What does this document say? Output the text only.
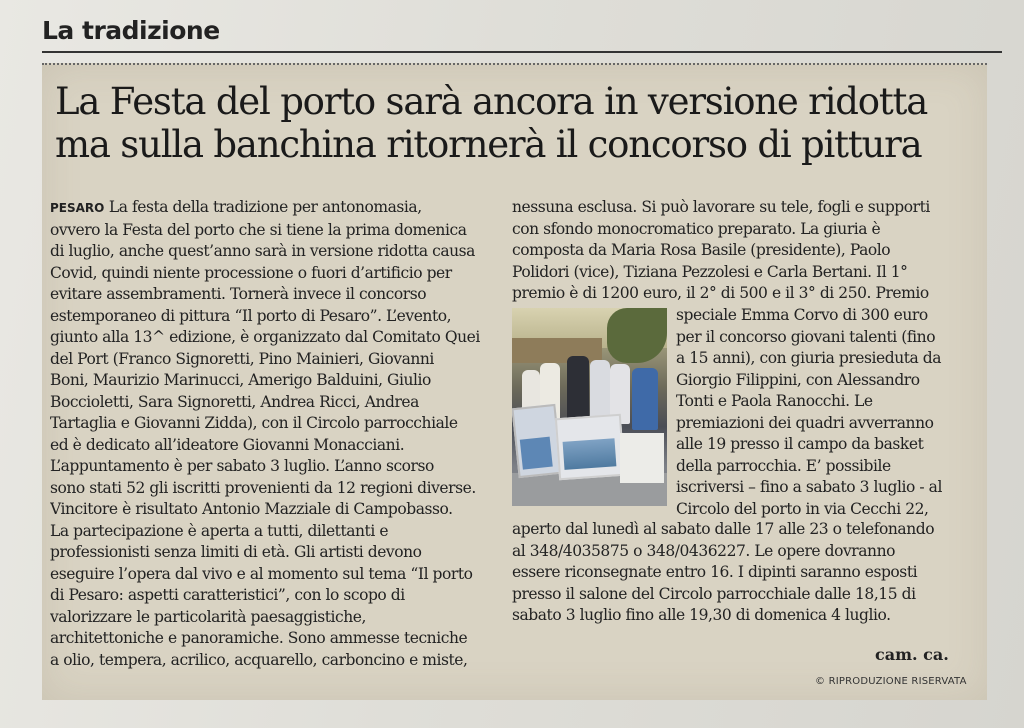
La tradizione
La Festa del porto sarà ancora in versione ridotta
ma sulla banchina ritornerà il concorso di pittura
PESARO La festa della tradizione per antonomasia,
ovvero la Festa del porto che si tiene la prima domenica
di luglio, anche quest’anno sarà in versione ridotta causa
Covid, quindi niente processione o fuori d’artificio per
evitare assembramenti. Tornerà invece il concorso
estemporaneo di pittura “Il porto di Pesaro”. L’evento,
giunto alla 13^ edizione, è organizzato dal Comitato Quei
del Port (Franco Signoretti, Pino Mainieri, Giovanni
Boni, Maurizio Marinucci, Amerigo Balduini, Giulio
Boccioletti, Sara Signoretti, Andrea Ricci, Andrea
Tartaglia e Giovanni Ziddа), con il Circolo parrocchiale
ed è dedicato all’ideatore Giovanni Monacciani.
L’appuntamento è per sabato 3 luglio. L’anno scorso
sono stati 52 gli iscritti provenienti da 12 regioni diverse.
Vincitore è risultato Antonio Mazziale di Campobasso.
La partecipazione è aperta a tutti, dilettanti e
professionisti senza limiti di età. Gli artisti devono
eseguire l’opera dal vivo e al momento sul tema “Il porto
di Pesaro: aspetti caratteristici”, con lo scopo di
valorizzare le particolarità paesaggistiche,
architettoniche e panoramiche. Sono ammesse tecniche
a olio, tempera, acrilico, acquarello, carboncino e miste,
nessuna esclusa. Si può lavorare su tele, fogli e supporti
con sfondo monocromatico preparato. La giuria è
composta da Maria Rosa Basile (presidente), Paolo
Polidori (vice), Tiziana Pezzolesi e Carla Bertani. Il 1°
premio è di 1200 euro, il 2° di 500 e il 3° di 250. Premio
speciale Emma Corvo di 300 euro
per il concorso giovani talenti (fino
a 15 anni), con giuria presieduta da
Giorgio Filippini, con Alessandro
Tonti e Paola Ranocchi. Le
premiazioni dei quadri avverranno
alle 19 presso il campo da basket
della parrocchia. E’ possibile
iscriversi – fino a sabato 3 luglio - al
Circolo del porto in via Cecchi 22,
aperto dal lunedì al sabato dalle 17 alle 23 o telefonando
al 348/4035875 o 348/0436227. Le opere dovranno
essere riconsegnate entro 16. I dipinti saranno esposti
presso il salone del Circolo parrocchiale dalle 18,15 di
sabato 3 luglio fino alle 19,30 di domenica 4 luglio.
cam. ca.
© RIPRODUZIONE RISERVATA
